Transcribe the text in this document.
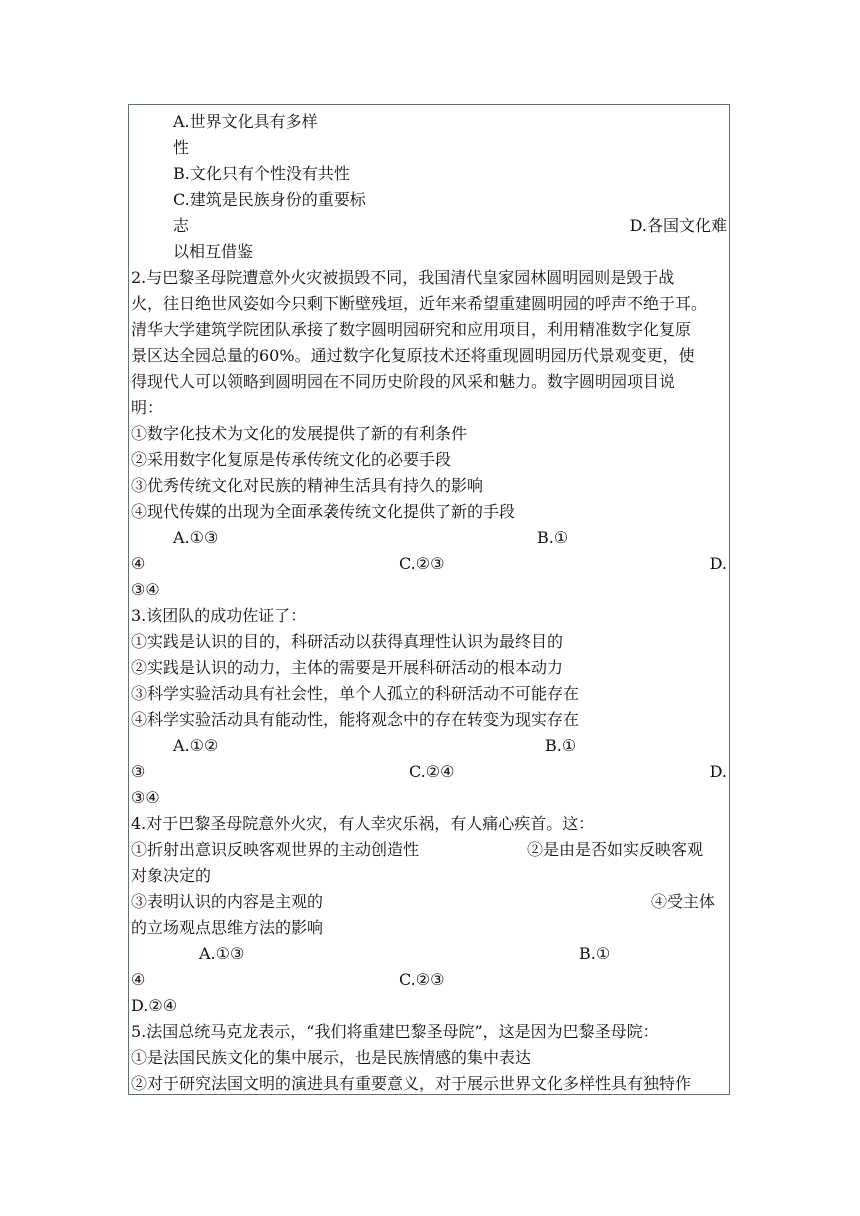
A.世界文化具有多样
性
B.文化只有个性没有共性
C.建筑是民族身份的重要标
志	D.各国文化难
以相互借鉴
2.与巴黎圣母院遭意外火灾被损毁不同，我国清代皇家园林圆明园则是毁于战
火，往日绝世风姿如今只剩下断壁残垣，近年来希望重建圆明园的呼声不绝于耳。
清华大学建筑学院团队承接了数字圆明园研究和应用项目，利用精准数字化复原
景区达全园总量的60%。通过数字化复原技术还将重现圆明园历代景观变更，使
得现代人可以领略到圆明园在不同历史阶段的风采和魅力。数字圆明园项目说
明：
①数字化技术为文化的发展提供了新的有利条件
②采用数字化复原是传承传统文化的必要手段
③优秀传统文化对民族的精神生活具有持久的影响
④现代传媒的出现为全面承袭传统文化提供了新的手段
A.①③	B.①
④	C.②③	D.
③④
3.该团队的成功佐证了：
①实践是认识的目的，科研活动以获得真理性认识为最终目的
②实践是认识的动力，主体的需要是开展科研活动的根本动力
③科学实验活动具有社会性，单个人孤立的科研活动不可能存在
④科学实验活动具有能动性，能将观念中的存在转变为现实存在
A.①②	B.①
③	C.②④	D.
③④
4.对于巴黎圣母院意外火灾，有人幸灾乐祸，有人痛心疾首。这：
①折射出意识反映客观世界的主动创造性	②是由是否如实反映客观
对象决定的
③表明认识的内容是主观的	④受主体
的立场观点思维方法的影响
A.①③	B.①
④	C.②③
D.②④
5.法国总统马克龙表示，“我们将重建巴黎圣母院”，这是因为巴黎圣母院：
①是法国民族文化的集中展示，也是民族情感的集中表达
②对于研究法国文明的演进具有重要意义，对于展示世界文化多样性具有独特作
